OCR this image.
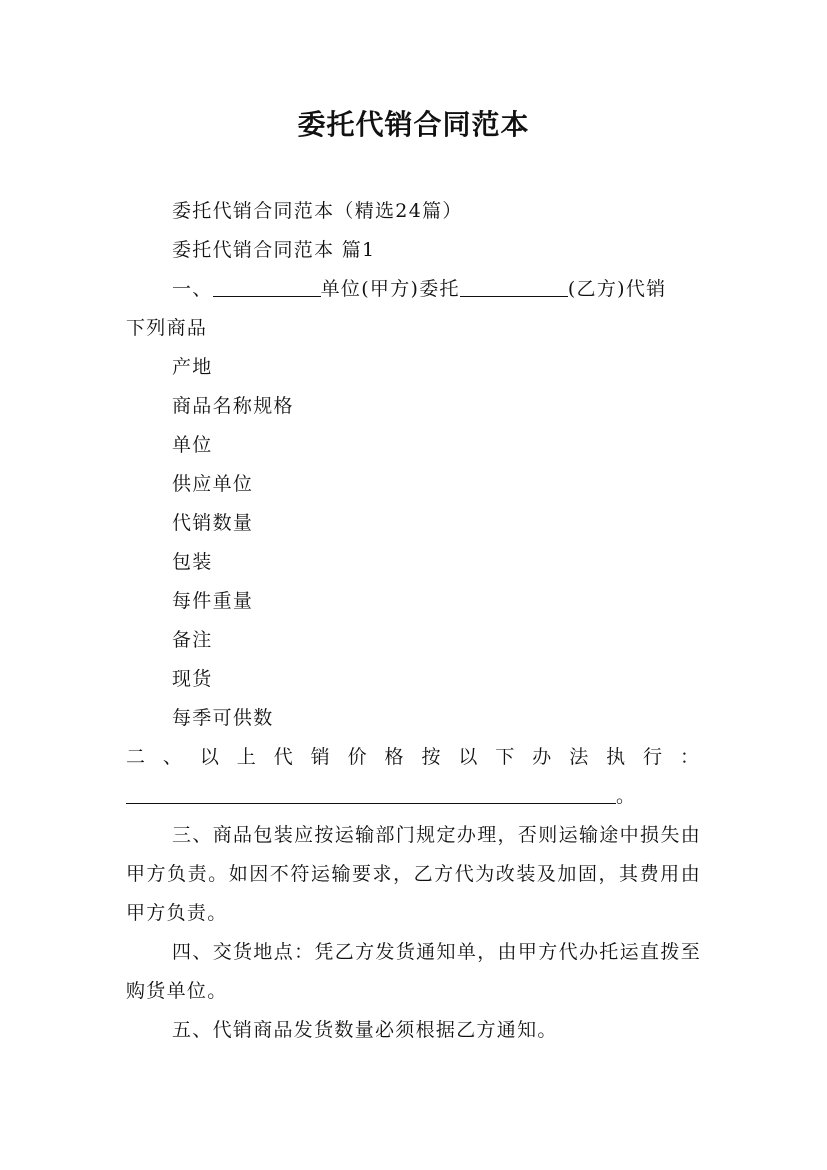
委托代销合同范本

委托代销合同范本（精选24篇）

委托代销合同范本 篇1

一、	单位(甲方)委托	(乙方)代销

下列商品

产地

商品名称规格

单位

供应单位

代销数量

包装

每件重量

备注

现货

每季可供数

二、以上代销价格按以下办法执行：

。

三、商品包装应按运输部门规定办理，否则运输途中损失由甲方负责。如因不符运输要求，乙方代为改装及加固，其费用由甲方负责。

四、交货地点：凭乙方发货通知单，由甲方代办托运直拨至购货单位。

五、代销商品发货数量必须根据乙方通知。
